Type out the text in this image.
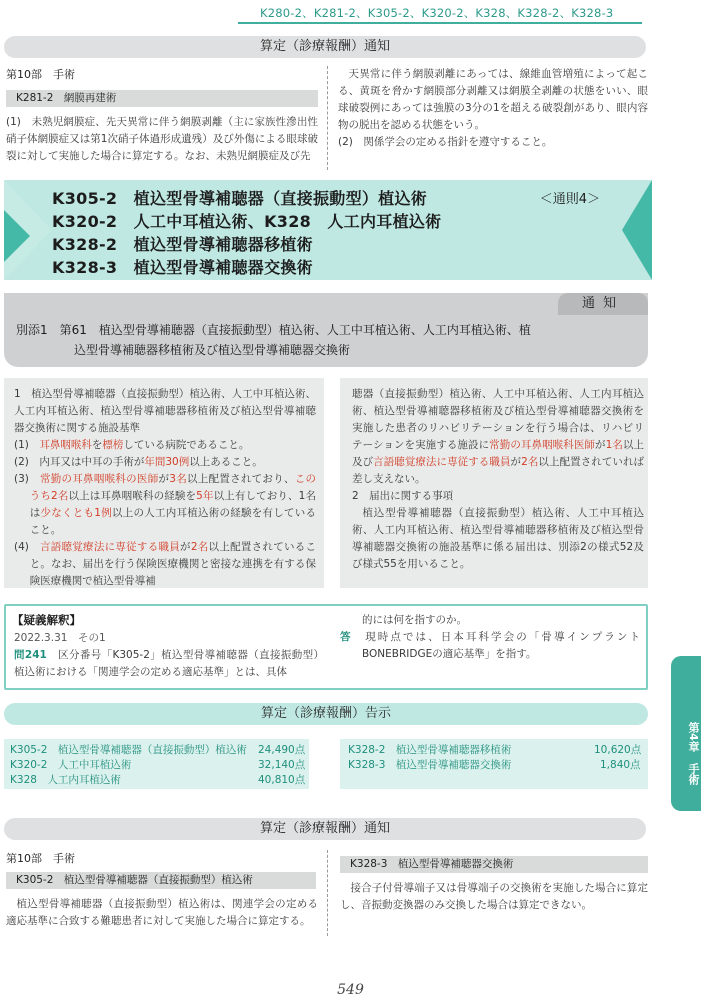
K280-2、K281-2、K305-2、K320-2、K328、K328-2、K328-3
算定（診療報酬）通知
第10部　手術
K281-2　網膜再建術
(1)　未熟児網膜症、先天異常に伴う網膜剥離（主に家族性滲出性硝子体網膜症又は第1次硝子体過形成遺残）及び外傷による眼球破裂に対して実施した場合に算定する。なお、未熟児網膜症及び先
天異常に伴う網膜剥離にあっては、線維血管増殖によって起こる、黄斑を脅かす網膜部分剥離又は網膜全剥離の状態をいい、眼球破裂例にあっては強膜の3分の1を超える破裂創があり、眼内容物の脱出を認める状態をいう。
(2)　関係学会の定める指針を遵守すること。
K305-2　植込型骨導補聴器（直接振動型）植込術
K320-2　人工中耳植込術、K328　人工内耳植込術
K328-2　植込型骨導補聴器移植術
K328-3　植込型骨導補聴器交換術
＜通則4＞
通知
別添1　第61　植込型骨導補聴器（直接振動型）植込術、人工中耳植込術、人工内耳植込術、植
込型骨導補聴器移植術及び植込型骨導補聴器交換術
1　植込型骨導補聴器（直接振動型）植込術、人工中耳植込術、人工内耳植込術、植込型骨導補聴器移植術及び植込型骨導補聴器交換術に関する施設基準
(1)　耳鼻咽喉科を標榜している病院であること。
(2)　内耳又は中耳の手術が年間30例以上あること。
(3)　常勤の耳鼻咽喉科の医師が3名以上配置されており、このうち2名以上は耳鼻咽喉科の経験を5年以上有しており、1名は少なくとも1例以上の人工内耳植込術の経験を有していること。
(4)　言語聴覚療法に専従する職員が2名以上配置されていること。なお、届出を行う保険医療機関と密接な連携を有する保険医療機関で植込型骨導補
聴器（直接振動型）植込術、人工中耳植込術、人工内耳植込術、植込型骨導補聴器移植術及び植込型骨導補聴器交換術を実施した患者のリハビリテーションを行う場合は、リハビリテーションを実施する施設に常勤の耳鼻咽喉科医師が1名以上及び言語聴覚療法に専従する職員が2名以上配置されていれば差し支えない。
2　届出に関する事項
植込型骨導補聴器（直接振動型）植込術、人工中耳植込術、人工内耳植込術、植込型骨導補聴器移植術及び植込型骨導補聴器交換術の施設基準に係る届出は、別添2の様式52及び様式55を用いること。
【疑義解釈】
2022.3.31　その1
問241　 区分番号「K305-2」植込型骨導補聴器（直接振動型）植込術における「関連学会の定める適応基準」とは、具体
的には何を指すのか。
答　 現時点では、日本耳科学会の「骨導インプラントBONEBRIDGEの適応基準」を指す。
算定（診療報酬）告示
K305-2　 植込型骨導補聴器（直接振動型）植込術 24,490点
K320-2　 人工中耳植込術	32,140点
K328　 人工内耳植込術	40,810点
K328-2　 植込型骨導補聴器移植術	10,620点
K328-3　 植込型骨導補聴器交換術	1,840点	第4章　手術
算定（診療報酬）通知
第10部　手術
K305-2　植込型骨導補聴器（直接振動型）植込術
植込型骨導補聴器（直接振動型）植込術は、関連学会の定める適応基準に合致する難聴患者に対して実施した場合に算定する。
K328-3　植込型骨導補聴器交換術
接合子付骨導端子又は骨導端子の交換術を実施した場合に算定し、音振動変換器のみ交換した場合は算定できない。
549
